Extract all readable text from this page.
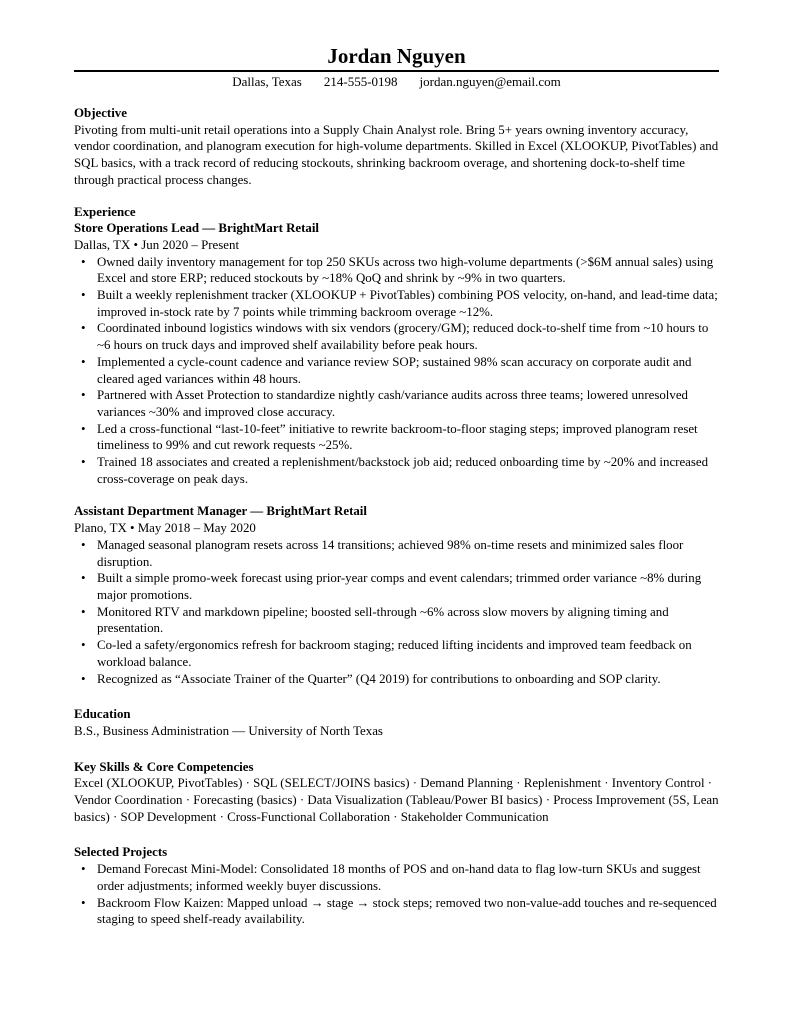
Jordan Nguyen
Dallas, Texas 214-555-0198 jordan.nguyen@email.com
Objective

Pivoting from multi-unit retail operations into a Supply Chain Analyst role. Bring 5+ years owning inventory accuracy, vendor coordination, and planogram execution for high-volume departments. Skilled in Excel (XLOOKUP, PivotTables) and SQL basics, with a track record of reducing stockouts, shrinking backroom overage, and shortening dock-to-shelf time through practical process changes.

Experience

Store Operations Lead — BrightMart Retail

Dallas, TX • Jun 2020 – Present

• Owned daily inventory management for top 250 SKUs across two high-volume departments (>$6M annual sales) using Excel and store ERP; reduced stockouts by ~18% QoQ and shrink by ~9% in two quarters.
• Built a weekly replenishment tracker (XLOOKUP + PivotTables) combining POS velocity, on-hand, and lead-time data; improved in-stock rate by 7 points while trimming backroom overage ~12%.
• Coordinated inbound logistics windows with six vendors (grocery/GM); reduced dock-to-shelf time from ~10 hours to ~6 hours on truck days and improved shelf availability before peak hours.
• Implemented a cycle-count cadence and variance review SOP; sustained 98% scan accuracy on corporate audit and cleared aged variances within 48 hours.
• Partnered with Asset Protection to standardize nightly cash/variance audits across three teams; lowered unresolved variances ~30% and improved close accuracy.
• Led a cross-functional “last-10-feet” initiative to rewrite backroom-to-floor staging steps; improved planogram reset timeliness to 99% and cut rework requests ~25%.
• Trained 18 associates and created a replenishment/backstock job aid; reduced onboarding time by ~20% and increased cross-coverage on peak days.

Assistant Department Manager — BrightMart Retail

Plano, TX • May 2018 – May 2020

• Managed seasonal planogram resets across 14 transitions; achieved 98% on-time resets and minimized sales floor disruption.
• Built a simple promo-week forecast using prior-year comps and event calendars; trimmed order variance ~8% during major promotions.
• Monitored RTV and markdown pipeline; boosted sell-through ~6% across slow movers by aligning timing and presentation.
• Co-led a safety/ergonomics refresh for backroom staging; reduced lifting incidents and improved team feedback on workload balance.
• Recognized as “Associate Trainer of the Quarter” (Q4 2019) for contributions to onboarding and SOP clarity.
Education

B.S., Business Administration — University of North Texas

Key Skills & Core Competencies

Excel (XLOOKUP, PivotTables) · SQL (SELECT/JOINS basics) · Demand Planning · Replenishment · Inventory Control · Vendor Coordination · Forecasting (basics) · Data Visualization (Tableau/Power BI basics) · Process Improvement (5S, Lean basics) · SOP Development · Cross-Functional Collaboration · Stakeholder Communication

Selected Projects
• Demand Forecast Mini-Model: Consolidated 18 months of POS and on-hand data to flag low-turn SKUs and suggest order adjustments; informed weekly buyer discussions.
• Backroom Flow Kaizen: Mapped unload → stage → stock steps; removed two non-value-add touches and re-sequenced staging to speed shelf-ready availability.
